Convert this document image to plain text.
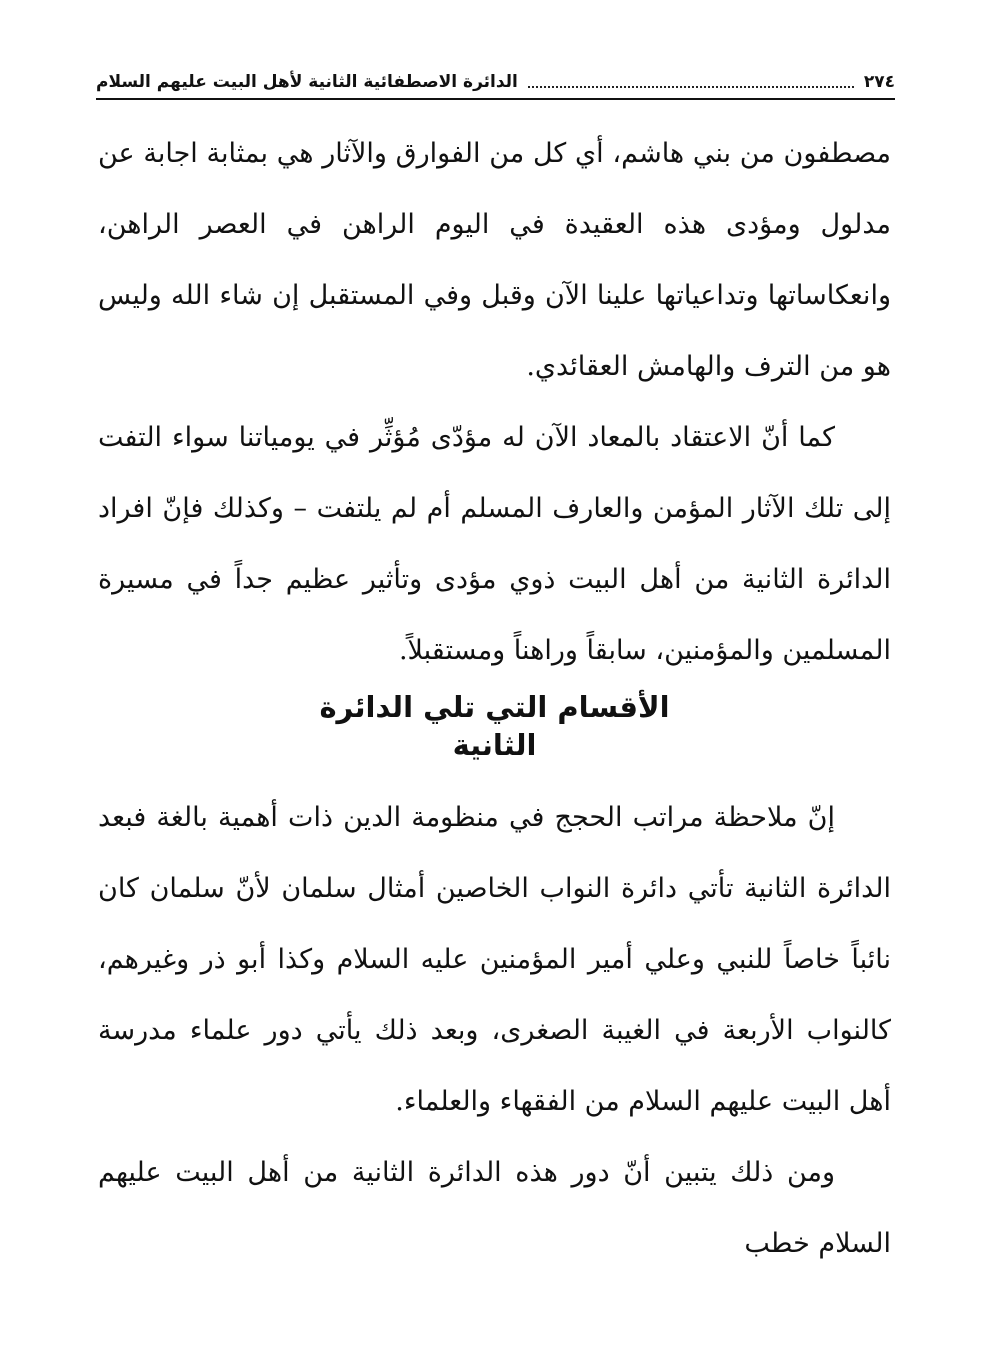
٢٧٤
الدائرة الاصطفائية الثانية لأهل البيت عليهم السلام

مصطفون من بني هاشم، أي كل من الفوارق والآثار هي بمثابة اجابة عن مدلول ومؤدى هذه العقيدة في اليوم الراهن في العصر الراهن، وانعكاساتها وتداعياتها علينا الآن وقبل وفي المستقبل إن شاء الله وليس هو من الترف والهامش العقائدي.

كما أنّ الاعتقاد بالمعاد الآن له مؤدّى مُؤثِّر في يومياتنا سواء التفت إلى تلك الآثار المؤمن والعارف المسلم أم لم يلتفت – وكذلك فإنّ افراد الدائرة الثانية من أهل البيت ذوي مؤدى وتأثير عظيم جداً في مسيرة المسلمين والمؤمنين، سابقاً وراهناً ومستقبلاً.

الأقسام التي تلي الدائرة
الثانية

إنّ ملاحظة مراتب الحجج في منظومة الدين ذات أهمية بالغة فبعد الدائرة الثانية تأتي دائرة النواب الخاصين أمثال سلمان لأنّ سلمان كان نائباً خاصاً للنبي وعلي أمير المؤمنين عليه السلام وكذا أبو ذر وغيرهم، كالنواب الأربعة في الغيبة الصغرى، وبعد ذلك يأتي دور علماء مدرسة أهل البيت عليهم السلام من الفقهاء والعلماء.

ومن ذلك يتبين أنّ دور هذه الدائرة الثانية من أهل البيت عليهم السلام خطب
